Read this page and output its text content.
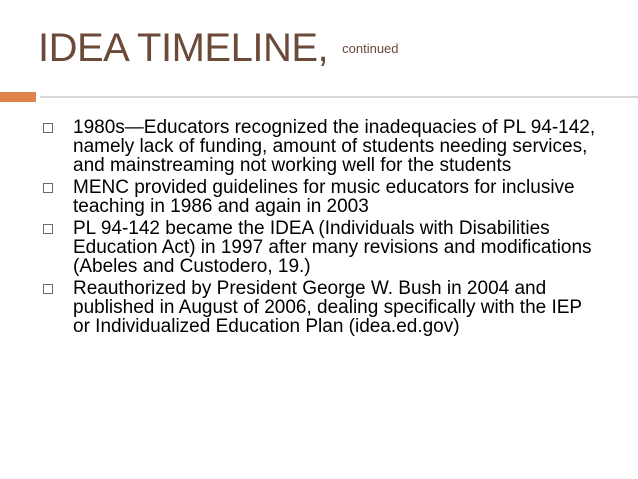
IDEA TIMELINE, $^{continued}$
1980s—Educators recognized the inadequacies of PL 94-142, namely lack of funding, amount of students needing services, and mainstreaming not working well for the students
MENC provided guidelines for music educators for inclusive teaching in 1986 and again in 2003
PL 94-142 became the IDEA (Individuals with Disabilities Education Act) in 1997 after many revisions and modifications (Abeles and Custodero, 19.)
Reauthorized by President George W. Bush in 2004 and published in August of 2006, dealing specifically with the IEP or Individualized Education Plan (idea.ed.gov)
